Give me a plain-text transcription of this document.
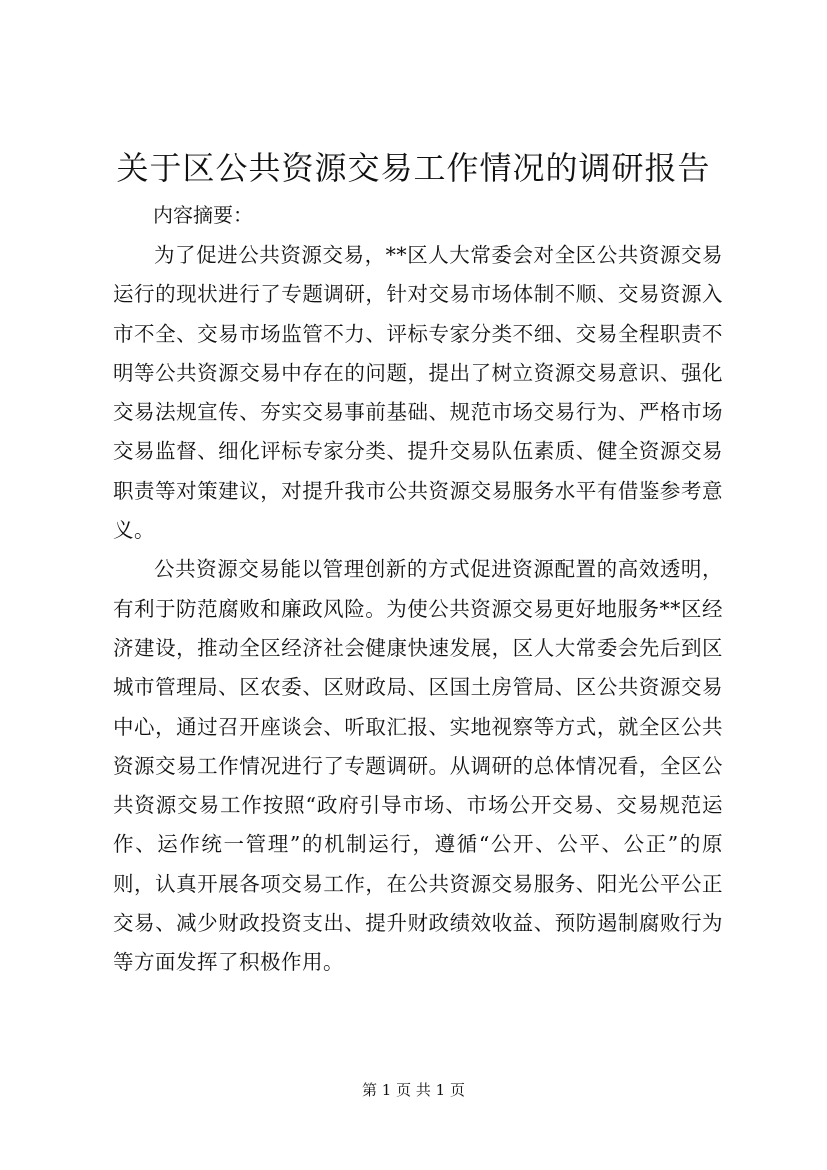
关于区公共资源交易工作情况的调研报告

内容摘要：

为了促进公共资源交易，**区人大常委会对全区公共资源交易运行的现状进行了专题调研，针对交易市场体制不顺、交易资源入市不全、交易市场监管不力、评标专家分类不细、交易全程职责不明等公共资源交易中存在的问题，提出了树立资源交易意识、强化交易法规宣传、夯实交易事前基础、规范市场交易行为、严格市场交易监督、细化评标专家分类、提升交易队伍素质、健全资源交易职责等对策建议，对提升我市公共资源交易服务水平有借鉴参考意义。

公共资源交易能以管理创新的方式促进资源配置的高效透明，有利于防范腐败和廉政风险。为使公共资源交易更好地服务**区经济建设，推动全区经济社会健康快速发展，区人大常委会先后到区城市管理局、区农委、区财政局、区国土房管局、区公共资源交易中心，通过召开座谈会、听取汇报、实地视察等方式，就全区公共资源交易工作情况进行了专题调研。从调研的总体情况看，全区公共资源交易工作按照“政府引导市场、市场公开交易、交易规范运作、运作统一管理”的机制运行，遵循“公开、公平、公正”的原则，认真开展各项交易工作，在公共资源交易服务、阳光公平公正交易、减少财政投资支出、提升财政绩效收益、预防遏制腐败行为等方面发挥了积极作用。

第 1 页 共 1 页
